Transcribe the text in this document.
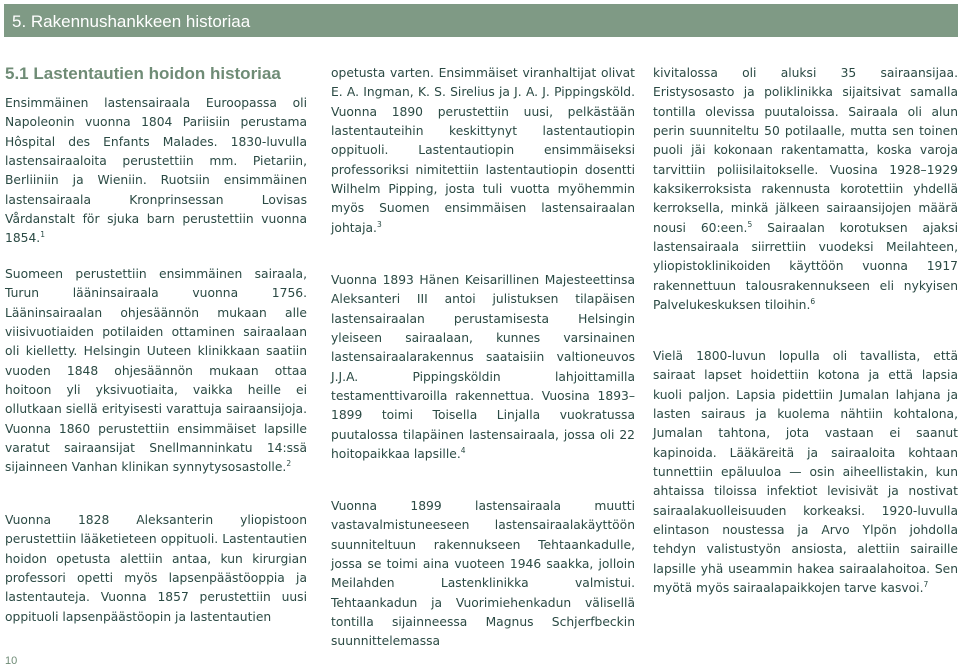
5. Rakennushankkeen historiaa
5.1 Lastentautien hoidon historiaa

Ensimmäinen lastensairaala Euroopassa oli Napoleonin vuonna 1804 Pariisiin perustama Hôspital des Enfants Malades. 1830-luvulla lastensairaaloita perustettiin mm. Pietariin, Berliiniin ja Wieniin. Ruotsiin ensimmäinen lastensairaala Kronprinsessan Lovisas Vårdanstalt för sjuka barn perustettiin vuonna 1854.$^1$

Suomeen perustettiin ensimmäinen sairaala, Turun lääninsairaala vuonna 1756. Lääninsairaalan ohjesäännön mukaan alle viisivuotiaiden potilaiden ottaminen sairaalaan oli kielletty. Helsingin Uuteen klinikkaan saatiin vuoden 1848 ohjesäännön mukaan ottaa hoitoon yli yksivuotiaita, vaikka heille ei ollutkaan siellä erityisesti varattuja sairaansijoja. Vuonna 1860 perustettiin ensimmäiset lapsille varatut sairaansijat Snellmanninkatu 14:ssä sijainneen Vanhan klinikan synnytysosastolle.$^2$

Vuonna 1828 Aleksanterin yliopistoon perustettiin lääketieteen oppituoli. Lastentautien hoidon opetusta alettiin antaa, kun kirurgian professori opetti myös lapsenpäästöoppia ja lastentauteja. Vuonna 1857 perustettiin uusi oppituoli lapsenpäästöopin ja lastentautien

opetusta varten. Ensimmäiset viranhaltijat olivat E. A. Ingman, K. S. Sirelius ja J. A. J. Pippingsköld. Vuonna 1890 perustettiin uusi, pelkästään lastentauteihin keskittynyt lastentautiopin oppituoli. Lastentautiopin ensimmäiseksi professoriksi nimitettiin lastentautiopin dosentti Wilhelm Pipping, josta tuli vuotta myöhemmin myös Suomen ensimmäisen lastensairaalan johtaja.$^3$

Vuonna 1893 Hänen Keisarillinen Majesteettinsa Aleksanteri III antoi julistuksen tilapäisen lastensairaalan perustamisesta Helsingin yleiseen sairaalaan, kunnes varsinainen lastensairaalarakennus saataisiin valtioneuvos J.J.A. Pippingsköldin lahjoittamilla testamenttivaroilla rakennettua. Vuosina 1893–1899 toimi Toisella Linjalla vuokratussa puutalossa tilapäinen lastensairaala, jossa oli 22 hoitopaikkaa lapsille.$^4$

Vuonna 1899 lastensairaala muutti vastavalmistuneeseen lastensairaalakäyttöön suunniteltuun rakennukseen Tehtaankadulle, jossa se toimi aina vuoteen 1946 saakka, jolloin Meilahden Lastenklinikka valmistui. Tehtaankadun ja Vuorimiehenkadun välisellä tontilla sijainneessa Magnus Schjerfbeckin suunnittelemassa

kivitalossa oli aluksi 35 sairaansijaa. Eristysosasto ja poliklinikka sijaitsivat samalla tontilla olevissa puutaloissa. Sairaala oli alun perin suunniteltu 50 potilaalle, mutta sen toinen puoli jäi kokonaan rakentamatta, koska varoja tarvittiin poliisilaitokselle. Vuosina 1928–1929 kaksikerroksista rakennusta korotettiin yhdellä kerroksella, minkä jälkeen sairaansijojen määrä nousi 60:een.$^5$ Sairaalan korotuksen ajaksi lastensairaala siirrettiin vuodeksi Meilahteen, yliopistoklinikoiden käyttöön vuonna 1917 rakennettuun talousrakennukseen eli nykyisen Palvelukeskuksen tiloihin.$^6$

Vielä 1800-luvun lopulla oli tavallista, että sairaat lapset hoidettiin kotona ja että lapsia kuoli paljon. Lapsia pidettiin Jumalan lahjana ja lasten sairaus ja kuolema nähtiin kohtalona, Jumalan tahtona, jota vastaan ei saanut kapinoida. Lääkäreitä ja sairaaloita kohtaan tunnettiin epäluuloa — osin aiheellistakin, kun ahtaissa tiloissa infektiot levisivät ja nostivat sairaalakuolleisuuden korkeaksi. 1920-luvulla elintason noustessa ja Arvo Ylpön johdolla tehdyn valistustyön ansiosta, alettiin sairaille lapsille yhä useammin hakea sairaalahoitoa. Sen myötä myös sairaalapaikkojen tarve kasvoi.$^7$

10
